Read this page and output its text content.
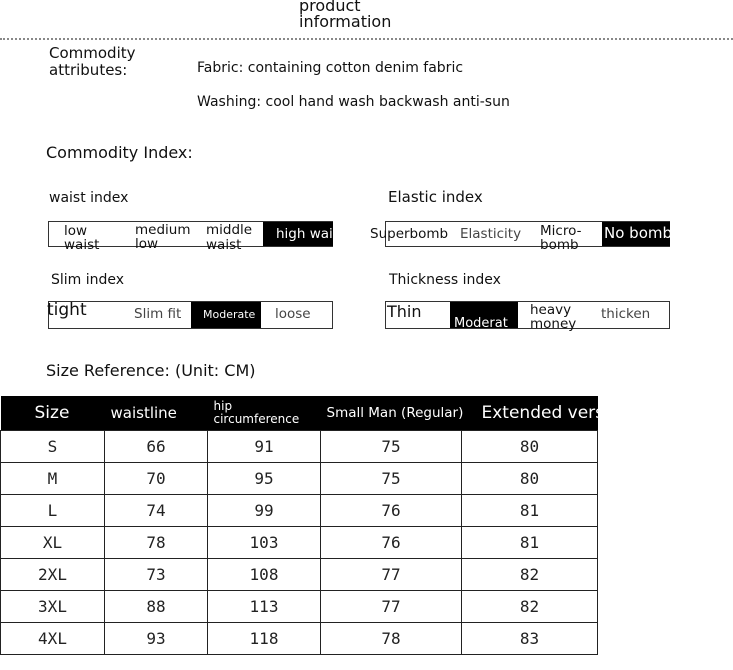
product information
Commodity attributes:	Fabric: containing cotton denim fabric
Washing: cool hand wash backwash anti-sun
Commodity Index:
waist index
low waist
medium low
middle waist
high waist
Elastic index
Superbomb Elasticity Micro-bomb
No bomb
Slim index
tight	Slim fit Moderate loose
Thickness index
Thin
Moderat
heavy money
thicken
Size Reference: (Unit: CM)
Size	waistline	hip circumference	Small Man (Regular)	Extended version
S	66	91	75	80
M	70	95	75	80
L	74	99	76	81
XL	78	103	76	81
2XL	73	108	77	82
3XL	88	113	77	82
4XL	93	118	78	83
